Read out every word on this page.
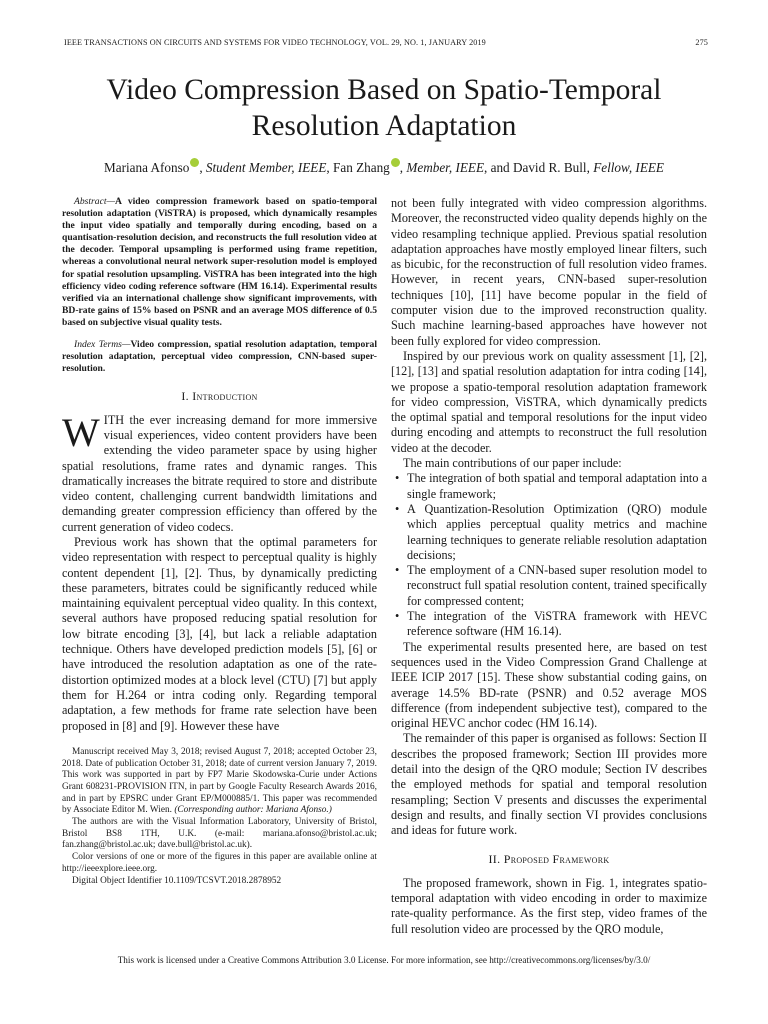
IEEE TRANSACTIONS ON CIRCUITS AND SYSTEMS FOR VIDEO TECHNOLOGY, VOL. 29, NO. 1, JANUARY 2019	275
Video Compression Based on Spatio-Temporal
Resolution Adaptation
Mariana Afonso , Student Member, IEEE, Fan Zhang , Member, IEEE, and David R. Bull, Fellow, IEEE

Abstract—A video compression framework based on spatio-temporal resolution adaptation (ViSTRA) is proposed, which dynamically resamples the input video spatially and temporally during encoding, based on a quantisation-resolution decision, and reconstructs the full resolution video at the decoder. Temporal upsampling is performed using frame repetition, whereas a convolutional neural network super-resolution model is employed for spatial resolution upsampling. ViSTRA has been integrated into the high efficiency video coding reference software (HM 16.14). Experimental results verified via an international challenge show significant improvements, with BD-rate gains of 15% based on PSNR and an average MOS difference of 0.5 based on subjective visual quality tests.

Index Terms—Video compression, spatial resolution adaptation, temporal resolution adaptation, perceptual video compression, CNN-based super-resolution.

I. Introduction

WITH the ever increasing demand for more immersive visual experiences, video content providers have been extending the video parameter space by using higher spatial resolutions, frame rates and dynamic ranges. This dramatically increases the bitrate required to store and distribute video content, challenging current bandwidth limitations and demanding greater compression efficiency than offered by the current generation of video codecs.

Previous work has shown that the optimal parameters for video representation with respect to perceptual quality is highly content dependent [1], [2]. Thus, by dynamically predicting these parameters, bitrates could be significantly reduced while maintaining equivalent perceptual video quality. In this context, several authors have proposed reducing spatial resolution for low bitrate encoding [3], [4], but lack a reliable adaptation technique. Others have developed prediction models [5], [6] or have introduced the resolution adaptation as one of the rate-distortion optimized modes at a block level (CTU) [7] but apply them for H.264 or intra coding only. Regarding temporal adaptation, a few methods for frame rate selection have been proposed in [8] and [9]. However these have

Manuscript received May 3, 2018; revised August 7, 2018; accepted October 23, 2018. Date of publication October 31, 2018; date of current version January 7, 2019. This work was supported in part by FP7 Marie Skodowska-Curie under Actions Grant 608231-PROVISION ITN, in part by Google Faculty Research Awards 2016, and in part by EPSRC under Grant EP/M000885/1. This paper was recommended by Associate Editor M. Wien. (Corresponding author: Mariana Afonso.)

The authors are with the Visual Information Laboratory, University of Bristol, Bristol BS8 1TH, U.K. (e-mail: mariana.afonso@bristol.ac.uk; fan.zhang@bristol.ac.uk; dave.bull@bristol.ac.uk).

Color versions of one or more of the figures in this paper are available online at http://ieeexplore.ieee.org.

Digital Object Identifier 10.1109/TCSVT.2018.2878952

not been fully integrated with video compression algorithms. Moreover, the reconstructed video quality depends highly on the video resampling technique applied. Previous spatial resolution adaptation approaches have mostly employed linear filters, such as bicubic, for the reconstruction of full resolution video frames. However, in recent years, CNN-based super-resolution techniques [10], [11] have become popular in the field of computer vision due to the improved reconstruction quality. Such machine learning-based approaches have however not been fully explored for video compression.

Inspired by our previous work on quality assessment [1], [2], [12], [13] and spatial resolution adaptation for intra coding [14], we propose a spatio-temporal resolution adaptation framework for video compression, ViSTRA, which dynamically predicts the optimal spatial and temporal resolutions for the input video during encoding and attempts to reconstruct the full resolution video at the decoder.

The main contributions of our paper include:

• The integration of both spatial and temporal adaptation into a single framework;
• A Quantization-Resolution Optimization (QRO) module which applies perceptual quality metrics and machine learning techniques to generate reliable resolution adaptation decisions;
• The employment of a CNN-based super resolution model to reconstruct full spatial resolution content, trained specifically for compressed content;
• The integration of the ViSTRA framework with HEVC reference software (HM 16.14).

The experimental results presented here, are based on test sequences used in the Video Compression Grand Challenge at IEEE ICIP 2017 [15]. These show substantial coding gains, on average 14.5% BD-rate (PSNR) and 0.52 average MOS difference (from independent subjective test), compared to the original HEVC anchor codec (HM 16.14).

The remainder of this paper is organised as follows: Section II describes the proposed framework; Section III provides more detail into the design of the QRO module; Section IV describes the employed methods for spatial and temporal resolution resampling; Section V presents and discusses the experimental design and results, and finally section VI provides conclusions and ideas for future work.

II. Proposed Framework

The proposed framework, shown in Fig. 1, integrates spatio-temporal adaptation with video encoding in order to maximize rate-quality performance. As the first step, video frames of the full resolution video are processed by the QRO module,

This work is licensed under a Creative Commons Attribution 3.0 License. For more information, see http://creativecommons.org/licenses/by/3.0/
